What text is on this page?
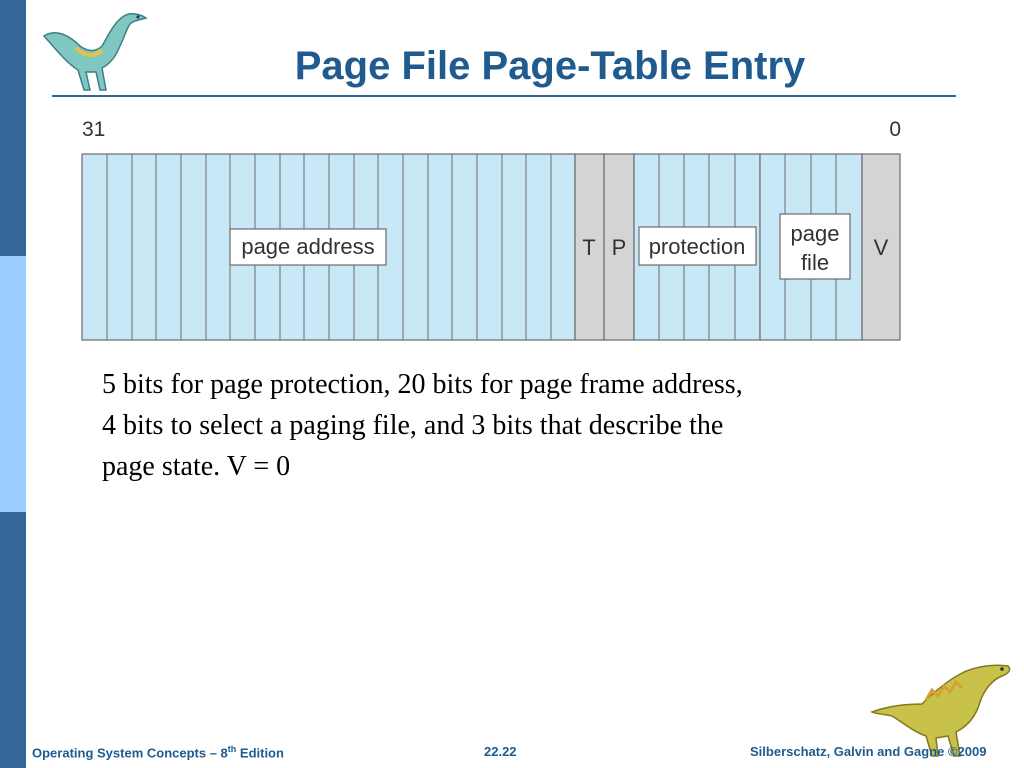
Page File Page-Table Entry
31	0
page address	T P protection
page
file
V
5 bits for page protection, 20 bits for page frame address,
4 bits to select a paging file, and 3 bits that describe the
page state. V = 0
Operating System Concepts – 8th Edition	22.22	Silberschatz, Galvin and Gagne ©2009
